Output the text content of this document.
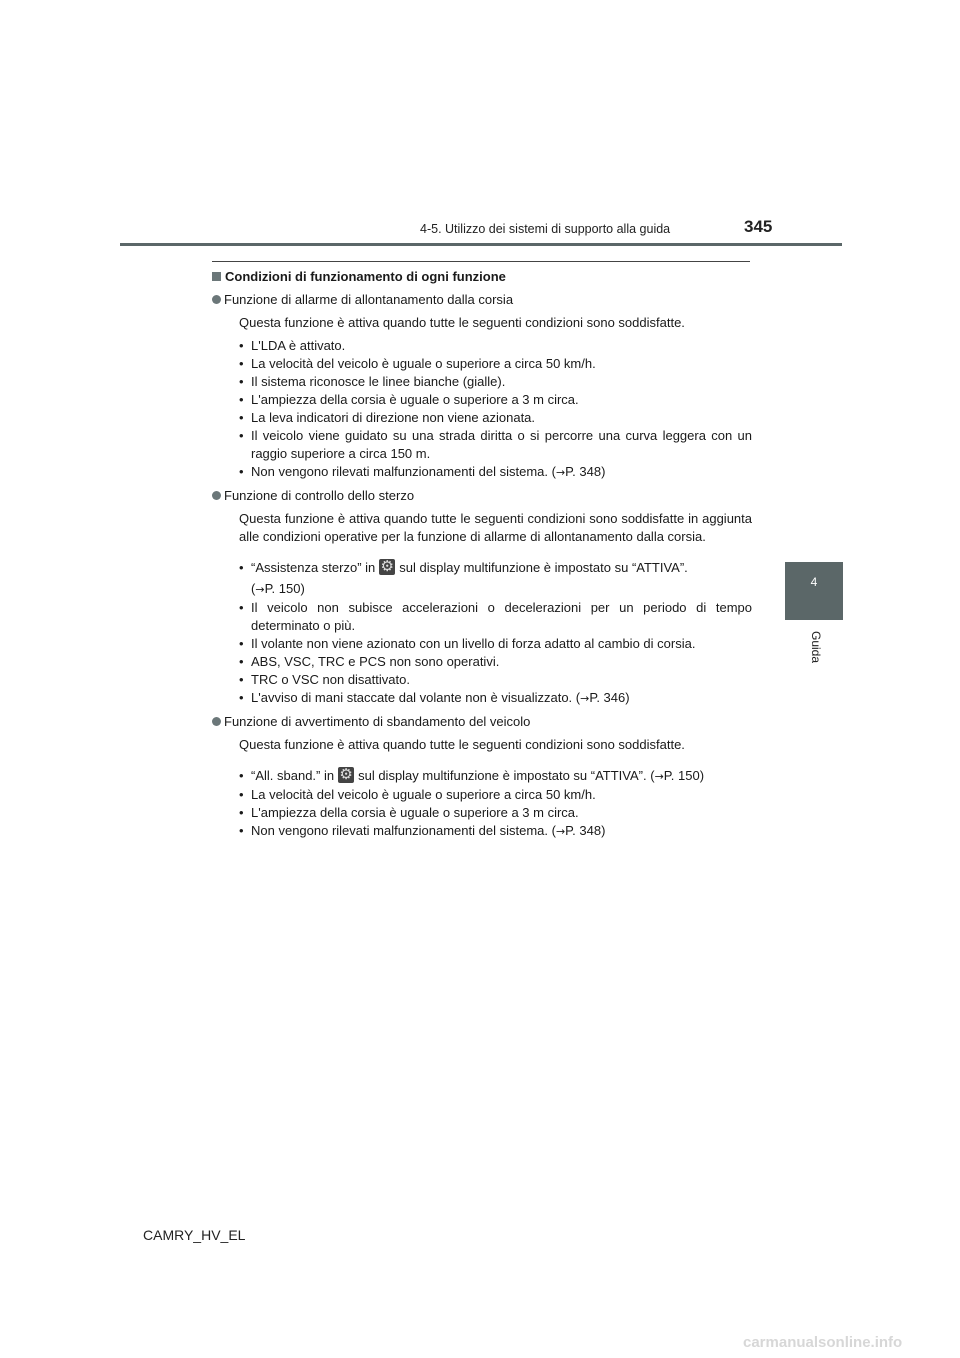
4-5. Utilizzo dei sistemi di supporto alla guida	345
4
Guida
Condizioni di funzionamento di ogni funzione
Funzione di allarme di allontanamento dalla corsia
Questa funzione è attiva quando tutte le seguenti condizioni sono soddisfatte.
• L'LDA è attivato.
• La velocità del veicolo è uguale o superiore a circa 50 km/h.
• Il sistema riconosce le linee bianche (gialle).
• L'ampiezza della corsia è uguale o superiore a 3 m circa.
• La leva indicatori di direzione non viene azionata.
• Il veicolo viene guidato su una strada diritta o si percorre una curva leggera con un raggio superiore a circa 150 m.
• Non vengono rilevati malfunzionamenti del sistema. (→P. 348)
Funzione di controllo dello sterzo
Questa funzione è attiva quando tutte le seguenti condizioni sono soddisfatte in aggiunta alle condizioni operative per la funzione di allarme di allontanamento dalla corsia.
• “Assistenza sterzo” in ⚙ sul display multifunzione è impostato su “ATTIVA”.
(→P. 150)
• Il veicolo non subisce accelerazioni o decelerazioni per un periodo di tempo determinato o più.
• Il volante non viene azionato con un livello di forza adatto al cambio di corsia.
• ABS, VSC, TRC e PCS non sono operativi.
• TRC o VSC non disattivato.
• L'avviso di mani staccate dal volante non è visualizzato. (→P. 346)
Funzione di avvertimento di sbandamento del veicolo
Questa funzione è attiva quando tutte le seguenti condizioni sono soddisfatte.
• “All. sband.” in ⚙ sul display multifunzione è impostato su “ATTIVA”. (→P. 150)
• La velocità del veicolo è uguale o superiore a circa 50 km/h.
• L'ampiezza della corsia è uguale o superiore a 3 m circa.
• Non vengono rilevati malfunzionamenti del sistema. (→P. 348)
CAMRY_HV_EL
carmanualsonline.info
